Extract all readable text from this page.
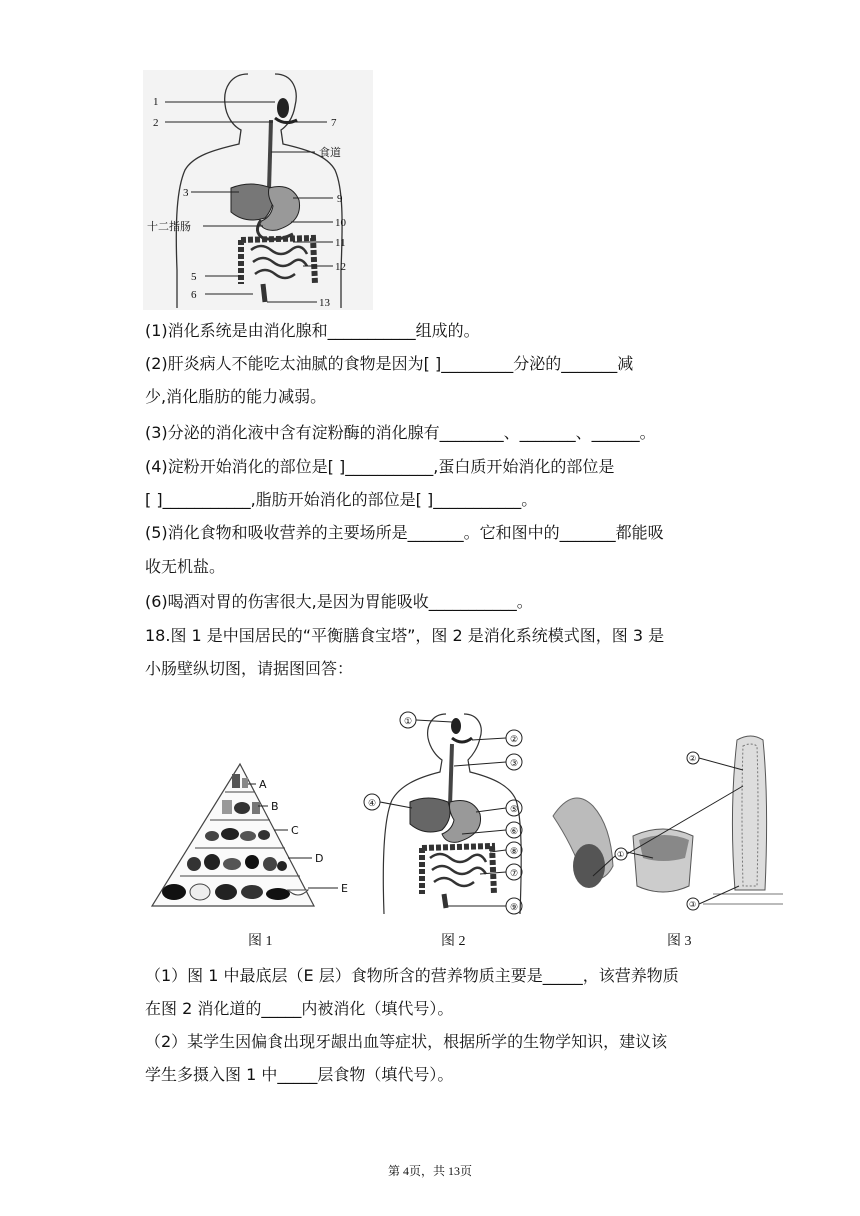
1
2	7
食道
3	9
十二指肠	10
11
12
5
6
13
(1)消化系统是由消化腺和___________组成的。
(2)肝炎病人不能吃太油腻的食物是因为[ ]_________分泌的_______减
少,消化脂肪的能力减弱。
(3)分泌的消化液中含有淀粉酶的消化腺有________、_______、______。
(4)淀粉开始消化的部位是[ ]___________,蛋白质开始消化的部位是
[ ]___________,脂肪开始消化的部位是[ ]___________。
(5)消化食物和吸收营养的主要场所是_______。它和图中的_______都能吸
收无机盐。
(6)喝酒对胃的伤害很大,是因为胃能吸收___________。
18.图 1 是中国居民的“平衡膳食宝塔”，图 2 是消化系统模式图，图 3 是
小肠壁纵切图，请据图回答：
A
B
C
D
E
①
②
③
④
⑤
⑥
⑧
⑦
⑨
①
②
③
图 1	图 2	图 3
（1）图 1 中最底层（E 层）食物所含的营养物质主要是_____，该营养物质
在图 2 消化道的_____内被消化（填代号）。
（2）某学生因偏食出现牙龈出血等症状，根据所学的生物学知识，建议该
学生多摄入图 1 中_____层食物（填代号）。
第 4页，共 13页
